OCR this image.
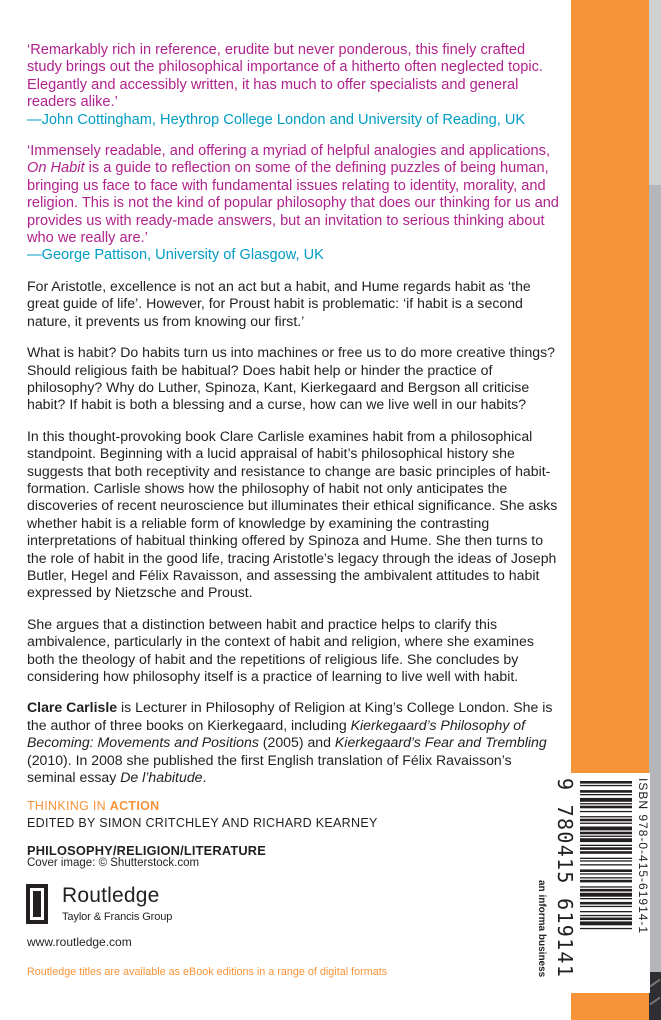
‘Remarkably rich in reference, erudite but never ponderous, this finely crafted study brings out the philosophical importance of a hitherto often neglected topic. Elegantly and accessibly written, it has much to offer specialists and general readers alike.’
—John Cottingham, Heythrop College London and University of Reading, UK
‘Immensely readable, and offering a myriad of helpful analogies and applications, On Habit is a guide to reflection on some of the defining puzzles of being human, bringing us face to face with fundamental issues relating to identity, morality, and religion. This is not the kind of popular philosophy that does our thinking for us and provides us with ready-made answers, but an invitation to serious thinking about who we really are.’
—George Pattison, University of Glasgow, UK

For Aristotle, excellence is not an act but a habit, and Hume regards habit as ‘the great guide of life’. However, for Proust habit is problematic: ‘if habit is a second nature, it prevents us from knowing our first.’

What is habit? Do habits turn us into machines or free us to do more creative things? Should religious faith be habitual? Does habit help or hinder the practice of philosophy? Why do Luther, Spinoza, Kant, Kierkegaard and Bergson all criticise habit? If habit is both a blessing and a curse, how can we live well in our habits?

In this thought-provoking book Clare Carlisle examines habit from a philosophical standpoint. Beginning with a lucid appraisal of habit’s philosophical history she suggests that both receptivity and resistance to change are basic principles of habit-formation. Carlisle shows how the philosophy of habit not only anticipates the discoveries of recent neuroscience but illuminates their ethical significance. She asks whether habit is a reliable form of knowledge by examining the contrasting interpretations of habitual thinking offered by Spinoza and Hume. She then turns to the role of habit in the good life, tracing Aristotle’s legacy through the ideas of Joseph Butler, Hegel and Félix Ravaisson, and assessing the ambivalent attitudes to habit expressed by Nietzsche and Proust.

She argues that a distinction between habit and practice helps to clarify this ambivalence, particularly in the context of habit and religion, where she examines both the theology of habit and the repetitions of religious life. She concludes by considering how philosophy itself is a practice of learning to live well with habit.

Clare Carlisle is Lecturer in Philosophy of Religion at King’s College London. She is the author of three books on Kierkegaard, including Kierkegaard’s Philosophy of Becoming: Movements and Positions (2005) and Kierkegaard’s Fear and Trembling (2010). In 2008 she published the first English translation of Félix Ravaisson’s seminal essay De l’habitude.

THINKING IN ACTION
EDITED BY SIMON CRITCHLEY AND RICHARD KEARNEY
PHILOSOPHY/RELIGION/LITERATURE
Cover image: © Shutterstock.com
Routledge
Taylor & Francis Group
www.routledge.com
Routledge titles are available as eBook editions in a range of digital formats	an informa business	ISBN 978-0-415-61914-1
9 780415 619141
